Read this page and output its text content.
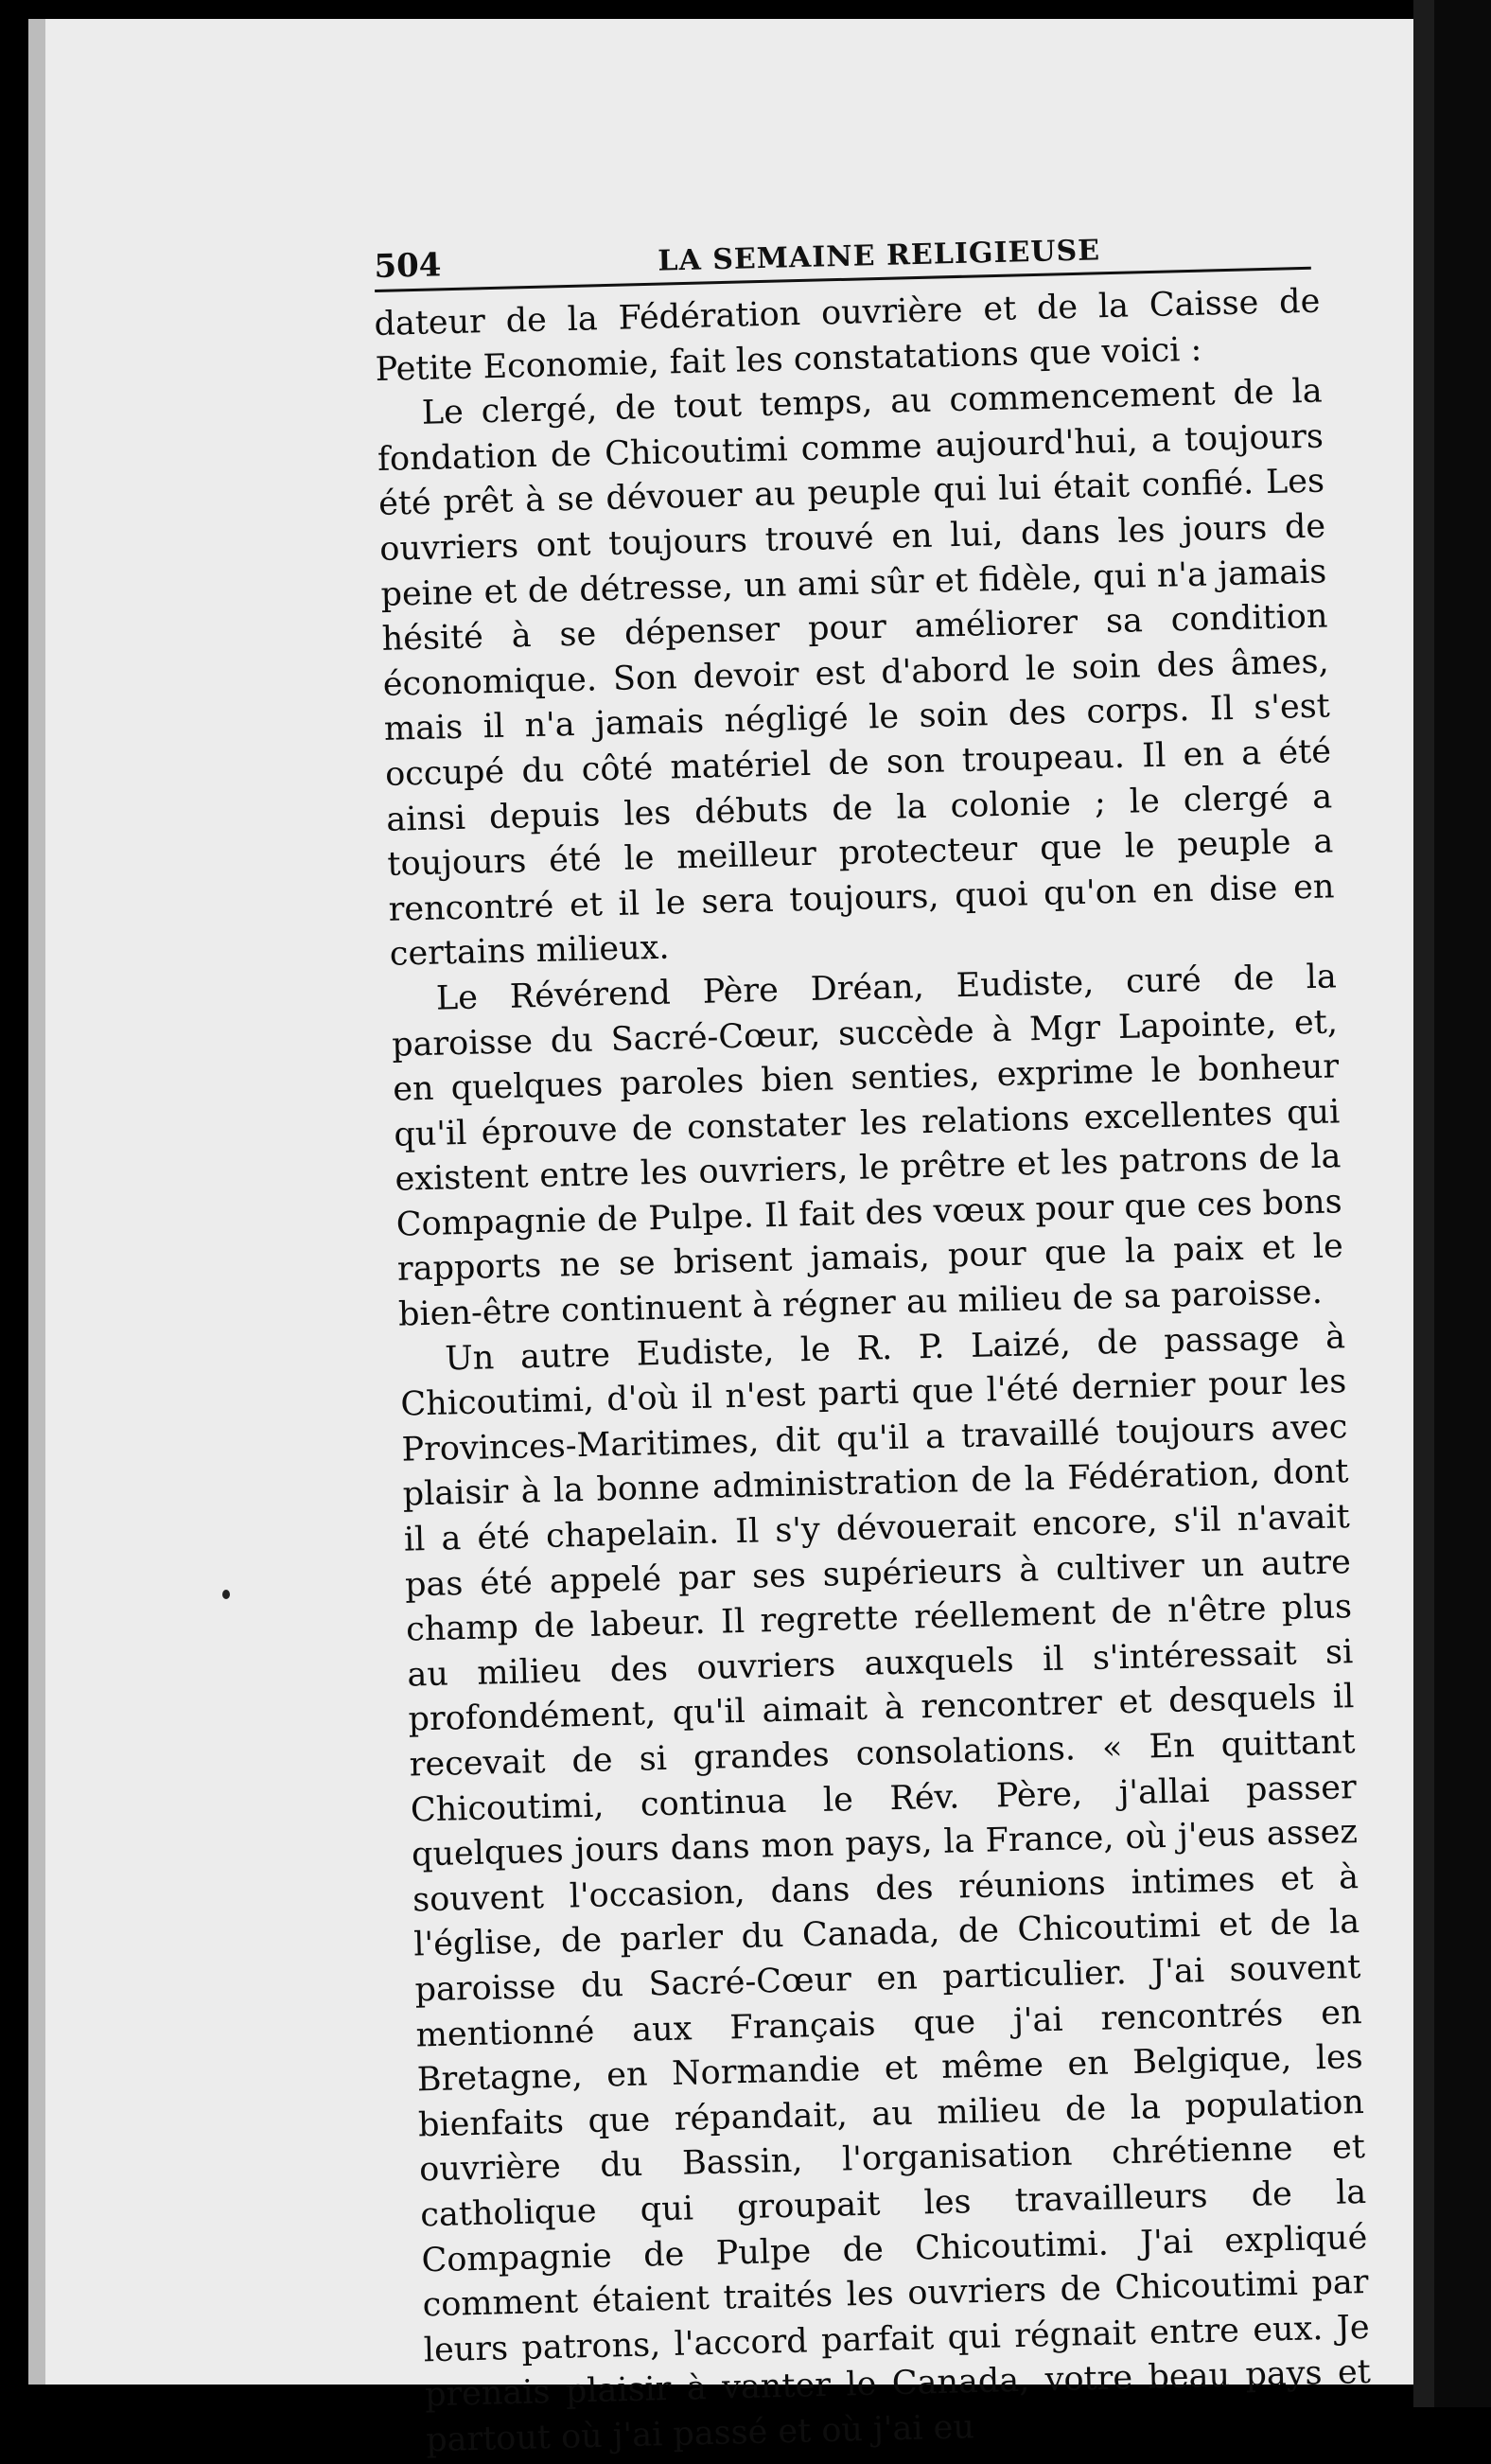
504	LA SEMAINE RELIGIEUSE

dateur de la Fédération ouvrière et de la Caisse de Petite Economie, fait les constatations que voici :

Le clergé, de tout temps, au commencement de la fondation de Chicoutimi comme aujourd'hui, a toujours été prêt à se dévouer au peuple qui lui était confié. Les ouvriers ont toujours trouvé en lui, dans les jours de peine et de détresse, un ami sûr et fidèle, qui n'a jamais hésité à se dépenser pour améliorer sa condition économique. Son devoir est d'abord le soin des âmes, mais il n'a jamais négligé le soin des corps. Il s'est occupé du côté matériel de son troupeau. Il en a été ainsi depuis les débuts de la colonie ; le clergé a toujours été le meilleur protecteur que le peuple a rencontré et il le sera toujours, quoi qu'on en dise en certains milieux.

Le Révérend Père Dréan, Eudiste, curé de la paroisse du Sacré-Cœur, succède à Mgr Lapointe, et, en quelques paroles bien senties, exprime le bonheur qu'il éprouve de constater les relations excellentes qui existent entre les ouvriers, le prêtre et les patrons de la Compagnie de Pulpe. Il fait des vœux pour que ces bons rapports ne se brisent jamais, pour que la paix et le bien-être continuent à régner au milieu de sa paroisse.

Un autre Eudiste, le R. P. Laizé, de passage à Chicoutimi, d'où il n'est parti que l'été dernier pour les Provinces-Maritimes, dit qu'il a travaillé toujours avec plaisir à la bonne administration de la Fédération, dont il a été chapelain. Il s'y dévouerait encore, s'il n'avait pas été appelé par ses supérieurs à cultiver un autre champ de labeur. Il regrette réellement de n'être plus au milieu des ouvriers auxquels il s'intéressait si profondément, qu'il aimait à rencontrer et desquels il recevait de si grandes consolations. « En quittant Chicoutimi, continua le Rév. Père, j'allai passer quelques jours dans mon pays, la France, où j'eus assez souvent l'occasion, dans des réunions intimes et à l'église, de parler du Canada, de Chicoutimi et de la paroisse du Sacré-Cœur en particulier. J'ai souvent mentionné aux Français que j'ai rencontrés en Bretagne, en Normandie et même en Belgique, les bienfaits que répandait, au milieu de la population ouvrière du Bassin, l'organisation chrétienne et catholique qui groupait les travailleurs de la Compagnie de Pulpe de Chicoutimi. J'ai expliqué comment étaient traités les ouvriers de Chicoutimi par leurs patrons, l'accord parfait qui régnait entre eux. Je prenais plaisir à vanter le Canada, votre beau pays et partout où j'ai passé et où j'ai eu
